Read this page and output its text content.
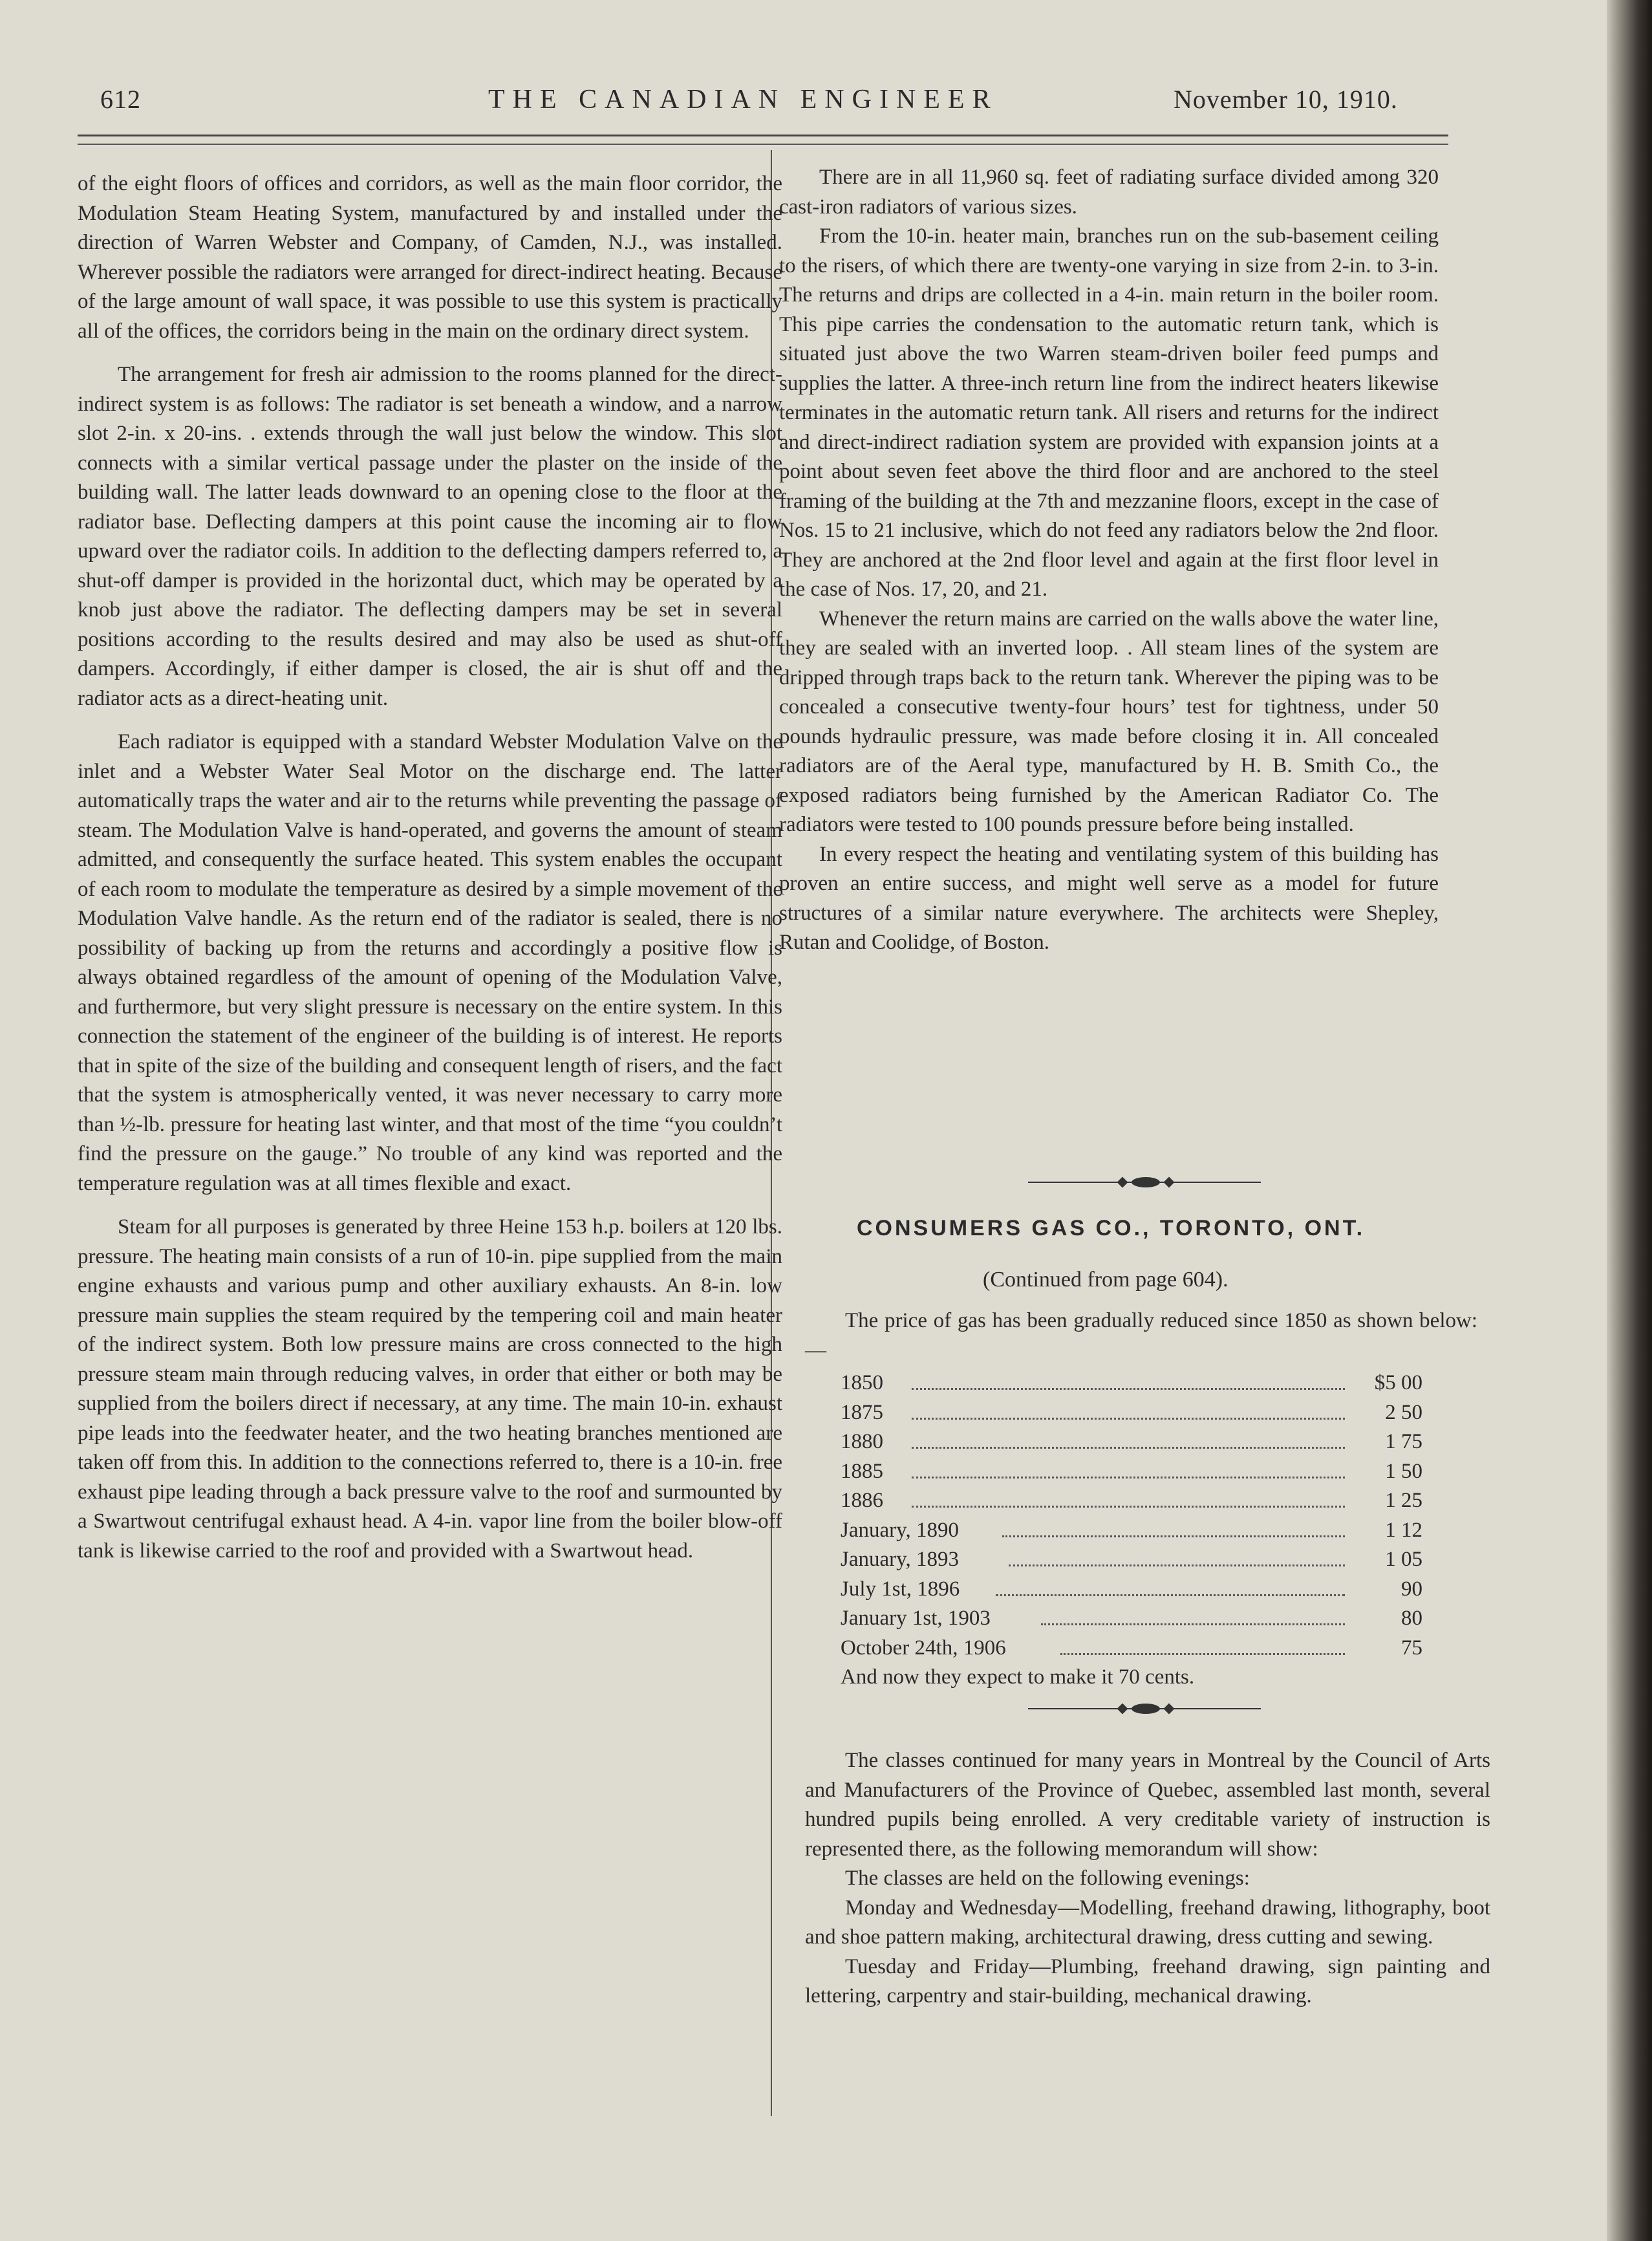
612	THE CANADIAN ENGINEER	November 10, 1910.

of the eight floors of offices and corridors, as well as the main floor corridor, the Modulation Steam Heating System, manufactured by and installed under the direction of Warren Webster and Company, of Camden, N.J., was installed. Wherever possible the radiators were arranged for direct-indirect heating. Because of the large amount of wall space, it was possible to use this system is practically all of the offices, the corridors being in the main on the ordinary direct system.

The arrangement for fresh air admission to the rooms planned for the direct-indirect system is as follows: The radiator is set beneath a window, and a narrow slot 2-in. x 20-ins. . extends through the wall just below the window. This slot connects with a similar vertical passage under the plaster on the inside of the building wall. The latter leads downward to an opening close to the floor at the radiator base. Deflecting dampers at this point cause the incoming air to flow upward over the radiator coils. In addition to the deflecting dampers referred to, a shut-off damper is provided in the horizontal duct, which may be operated by a knob just above the radiator. The deflecting dampers may be set in several positions according to the results desired and may also be used as shut-off dampers. Accordingly, if either damper is closed, the air is shut off and the radiator acts as a direct-heating unit.

Each radiator is equipped with a standard Webster Modulation Valve on the inlet and a Webster Water Seal Motor on the discharge end. The latter automatically traps the water and air to the returns while preventing the passage of steam. The Modulation Valve is hand-operated, and governs the amount of steam admitted, and consequently the surface heated. This system enables the occupant of each room to modulate the temperature as desired by a simple movement of the Modulation Valve handle. As the return end of the radiator is sealed, there is no possibility of backing up from the returns and accordingly a positive flow is always obtained regardless of the amount of opening of the Modulation Valve, and furthermore, but very slight pressure is necessary on the entire system. In this connection the statement of the engineer of the building is of interest. He reports that in spite of the size of the building and consequent length of risers, and the fact that the system is atmospherically vented, it was never necessary to carry more than ½-lb. pressure for heating last winter, and that most of the time “you couldn’t find the pressure on the gauge.” No trouble of any kind was reported and the temperature regulation was at all times flexible and exact.

Steam for all purposes is generated by three Heine 153 h.p. boilers at 120 lbs. pressure. The heating main consists of a run of 10-in. pipe supplied from the main engine exhausts and various pump and other auxiliary exhausts. An 8-in. low pressure main supplies the steam required by the tempering coil and main heater of the indirect system. Both low pressure mains are cross connected to the high pressure steam main through reducing valves, in order that either or both may be supplied from the boilers direct if necessary, at any time. The main 10-in. exhaust pipe leads into the feedwater heater, and the two heating branches mentioned are taken off from this. In addition to the connections referred to, there is a 10-in. free exhaust pipe leading through a back pressure valve to the roof and surmounted by a Swartwout centrifugal exhaust head. A 4-in. vapor line from the boiler blow-off tank is likewise carried to the roof and provided with a Swartwout head.

There are in all 11,960 sq. feet of radiating surface divided among 320 cast-iron radiators of various sizes.

From the 10-in. heater main, branches run on the sub-basement ceiling to the risers, of which there are twenty-one varying in size from 2-in. to 3-in. The returns and drips are collected in a 4-in. main return in the boiler room. This pipe carries the condensation to the automatic return tank, which is situated just above the two Warren steam-driven boiler feed pumps and supplies the latter. A three-inch return line from the indirect heaters likewise terminates in the automatic return tank. All risers and returns for the indirect and direct-indirect radiation system are provided with expansion joints at a point about seven feet above the third floor and are anchored to the steel framing of the building at the 7th and mezzanine floors, except in the case of Nos. 15 to 21 inclusive, which do not feed any radiators below the 2nd floor. They are anchored at the 2nd floor level and again at the first floor level in the case of Nos. 17, 20, and 21.

Whenever the return mains are carried on the walls above the water line, they are sealed with an inverted loop. . All steam lines of the system are dripped through traps back to the return tank. Wherever the piping was to be concealed a consecutive twenty-four hours’ test for tightness, under 50 pounds hydraulic pressure, was made before closing it in. All concealed radiators are of the Aeral type, manufactured by H. B. Smith Co., the exposed radiators being furnished by the American Radiator Co. The radiators were tested to 100 pounds pressure before being installed.

In every respect the heating and ventilating system of this building has proven an entire success, and might well serve as a model for future structures of a similar nature everywhere. The architects were Shepley, Rutan and Coolidge, of Boston.

CONSUMERS GAS CO., TORONTO, ONT.
(Continued from page 604).

The price of gas has been gradually reduced since 1850 as shown below:—

1850	$5 00
1875	2 50
1880	1 75
1885	1 50
1886	1 25
January, 1890	1 12
January, 1893	1 05
July 1st, 1896	90
January 1st, 1903	80
October 24th, 1906	75
And now they expect to make it 70 cents.

The classes continued for many years in Montreal by the Council of Arts and Manufacturers of the Province of Quebec, assembled last month, several hundred pupils being enrolled. A very creditable variety of instruction is represented there, as the following memorandum will show:

The classes are held on the following evenings:

Monday and Wednesday—Modelling, freehand drawing, lithography, boot and shoe pattern making, architectural drawing, dress cutting and sewing.

Tuesday and Friday—Plumbing, freehand drawing, sign painting and lettering, carpentry and stair-building, mechanical drawing.
